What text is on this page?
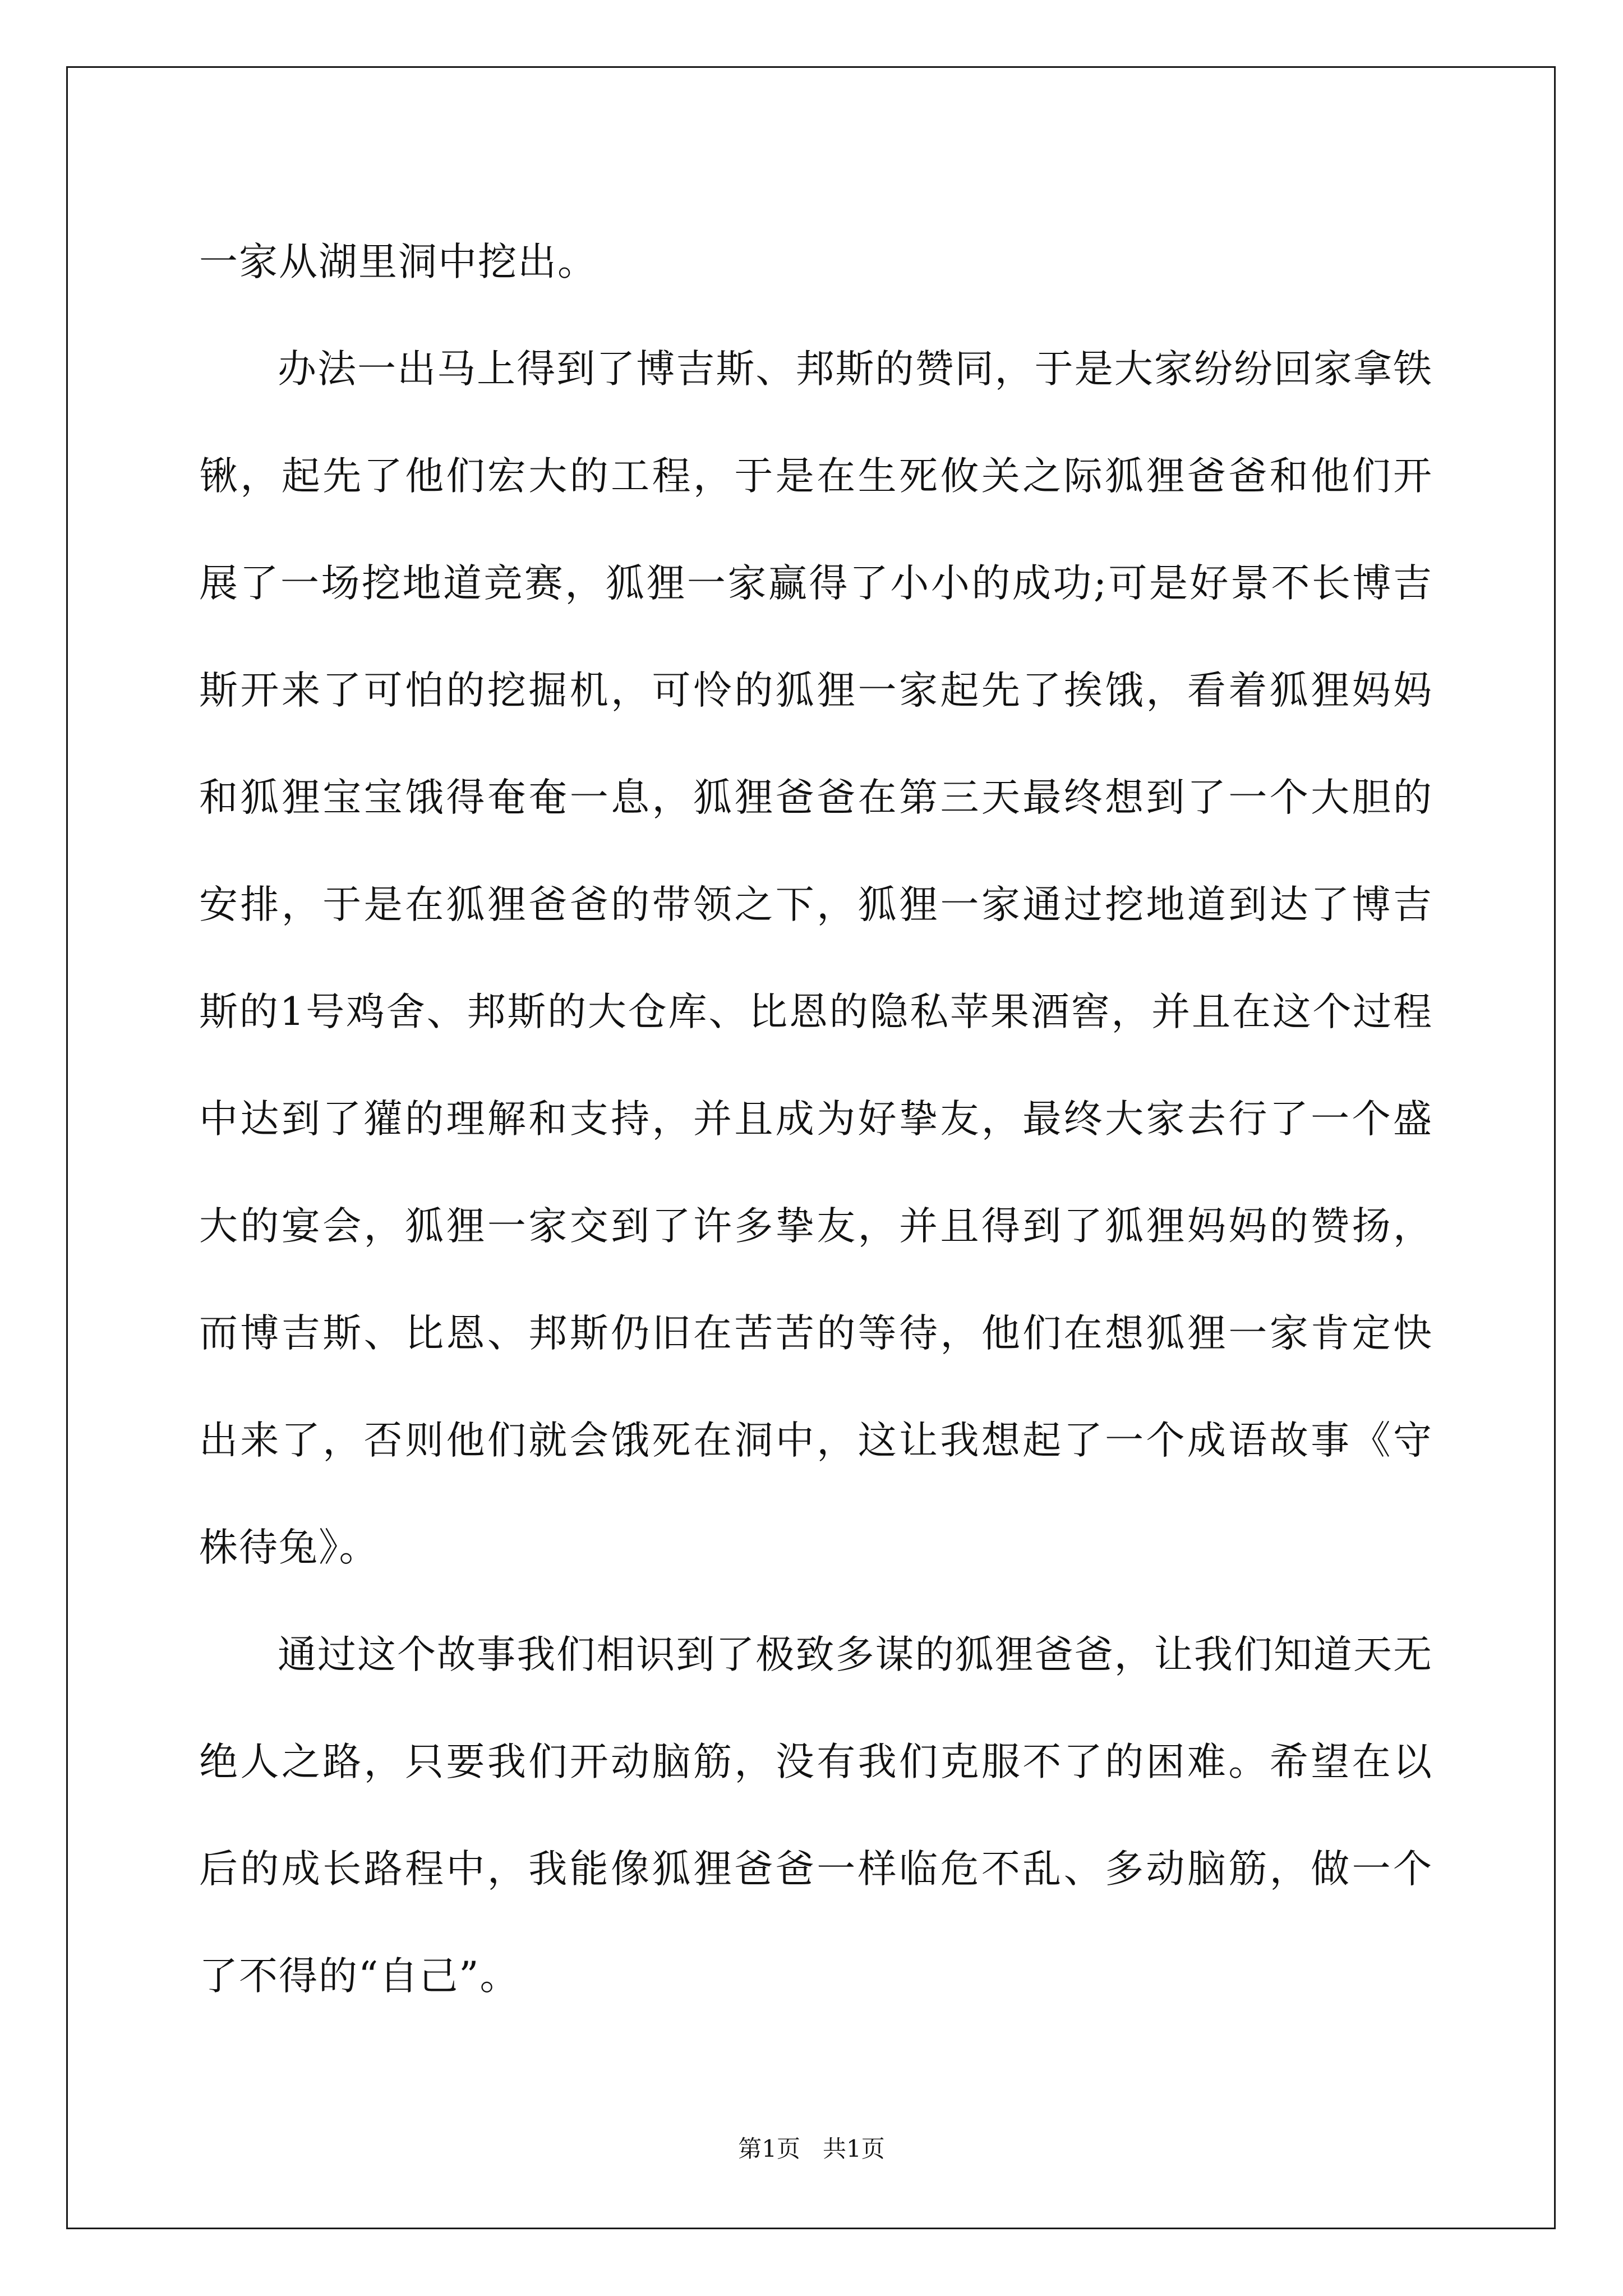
一家从湖里洞中挖出。

办法一出马上得到了博吉斯、邦斯的赞同，于是大家纷纷回家拿铁锹，起先了他们宏大的工程，于是在生死攸关之际狐狸爸爸和他们开展了一场挖地道竞赛，狐狸一家赢得了小小的成功;可是好景不长博吉斯开来了可怕的挖掘机，可怜的狐狸一家起先了挨饿，看着狐狸妈妈和狐狸宝宝饿得奄奄一息，狐狸爸爸在第三天最终想到了一个大胆的安排，于是在狐狸爸爸的带领之下，狐狸一家通过挖地道到达了博吉斯的1号鸡舍、邦斯的大仓库、比恩的隐私苹果酒窖，并且在这个过程中达到了獾的理解和支持，并且成为好挚友，最终大家去行了一个盛大的宴会，狐狸一家交到了许多挚友，并且得到了狐狸妈妈的赞扬，而博吉斯、比恩、邦斯仍旧在苦苦的等待，他们在想狐狸一家肯定快出来了，否则他们就会饿死在洞中，这让我想起了一个成语故事《守株待兔》。

通过这个故事我们相识到了极致多谋的狐狸爸爸，让我们知道天无绝人之路，只要我们开动脑筋，没有我们克服不了的困难。希望在以后的成长路程中，我能像狐狸爸爸一样临危不乱、多动脑筋，做一个了不得的“自己”。

第1页   共1页
